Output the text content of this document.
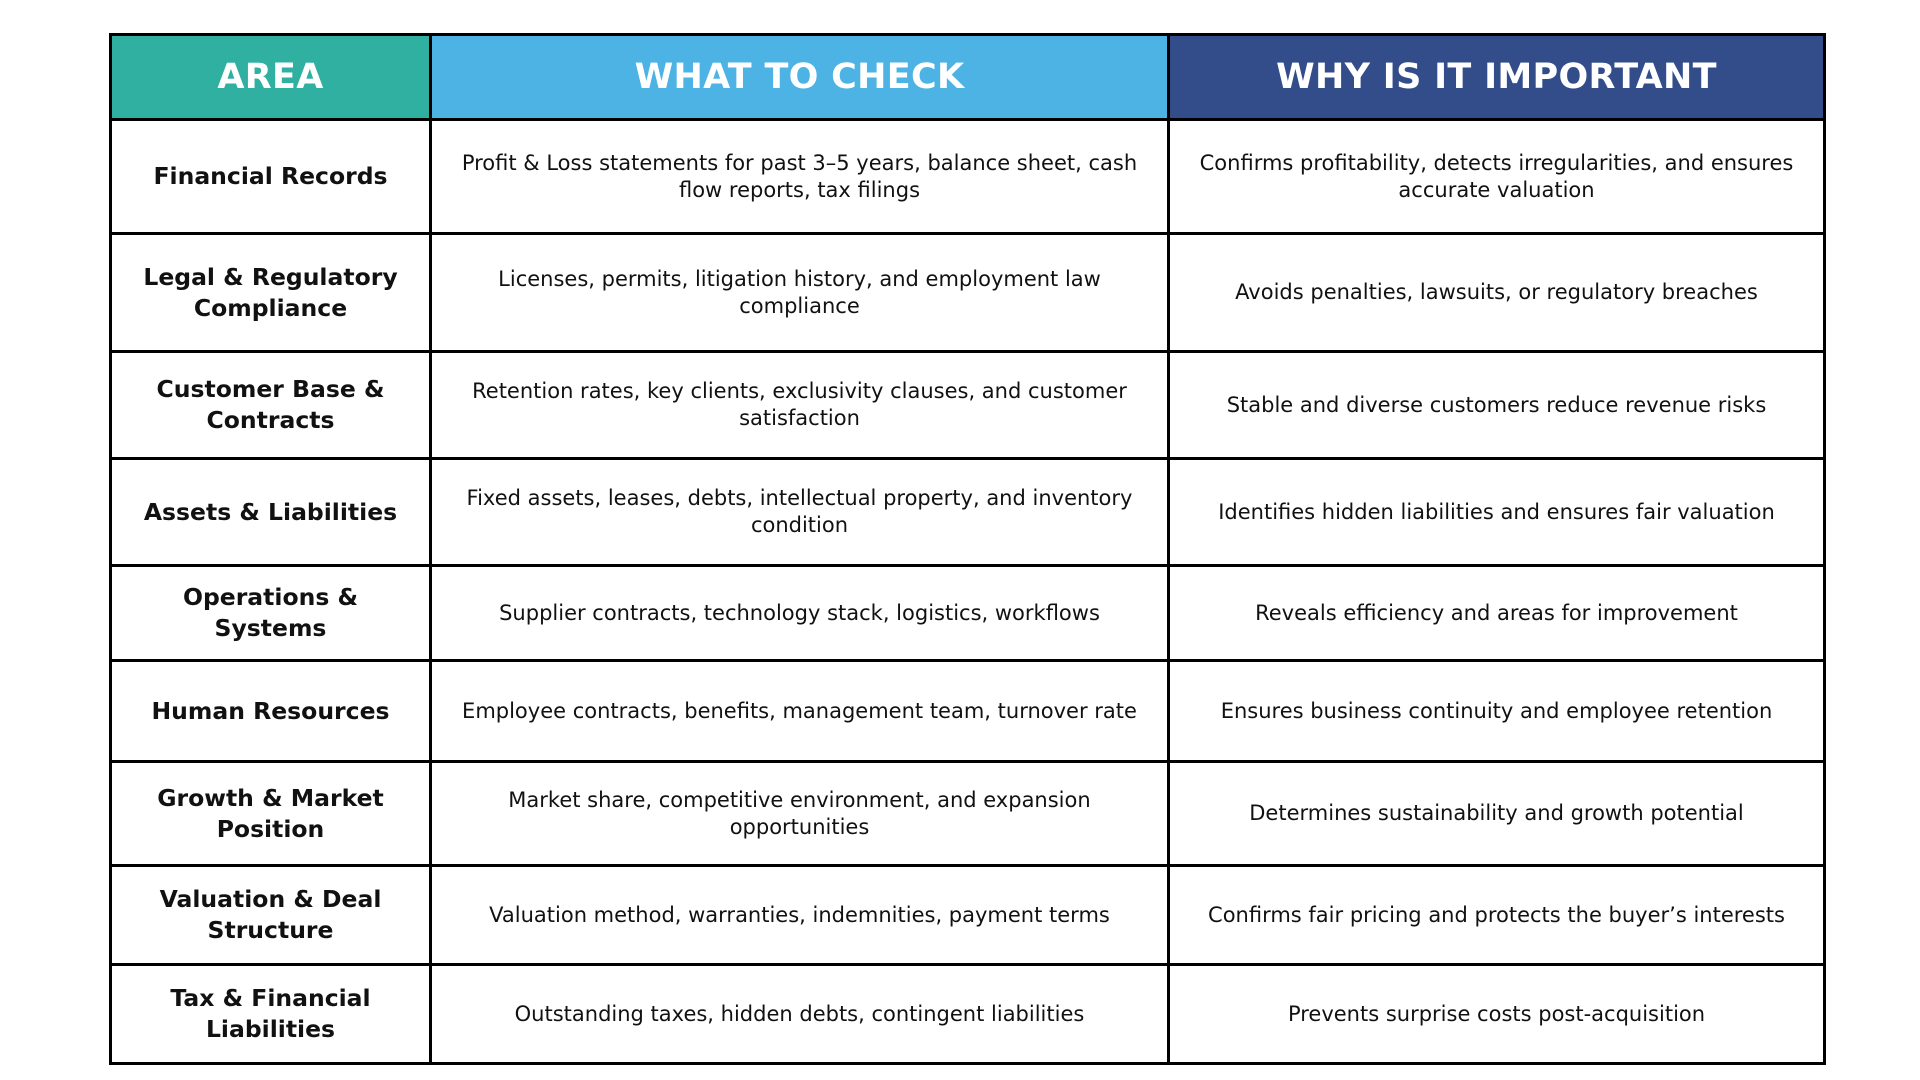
AREA	WHAT TO CHECK	WHY IS IT IMPORTANT
Financial Records	Profit & Loss statements for past 3–5 years, balance sheet, cash flow reports, tax filings	Confirms profitability, detects irregularities, and ensures accurate valuation
Legal & Regulatory Compliance	Licenses, permits, litigation history, and employment law compliance	Avoids penalties, lawsuits, or regulatory breaches
Customer Base & Contracts	Retention rates, key clients, exclusivity clauses, and customer satisfaction	Stable and diverse customers reduce revenue risks
Assets & Liabilities	Fixed assets, leases, debts, intellectual property, and inventory condition	Identifies hidden liabilities and ensures fair valuation
Operations & Systems	Supplier contracts, technology stack, logistics, workflows	Reveals efficiency and areas for improvement
Human Resources	Employee contracts, benefits, management team, turnover rate	Ensures business continuity and employee retention
Growth & Market Position	Market share, competitive environment, and expansion opportunities	Determines sustainability and growth potential
Valuation & Deal Structure	Valuation method, warranties, indemnities, payment terms	Confirms fair pricing and protects the buyer’s interests
Tax & Financial Liabilities	Outstanding taxes, hidden debts, contingent liabilities	Prevents surprise costs post-acquisition
